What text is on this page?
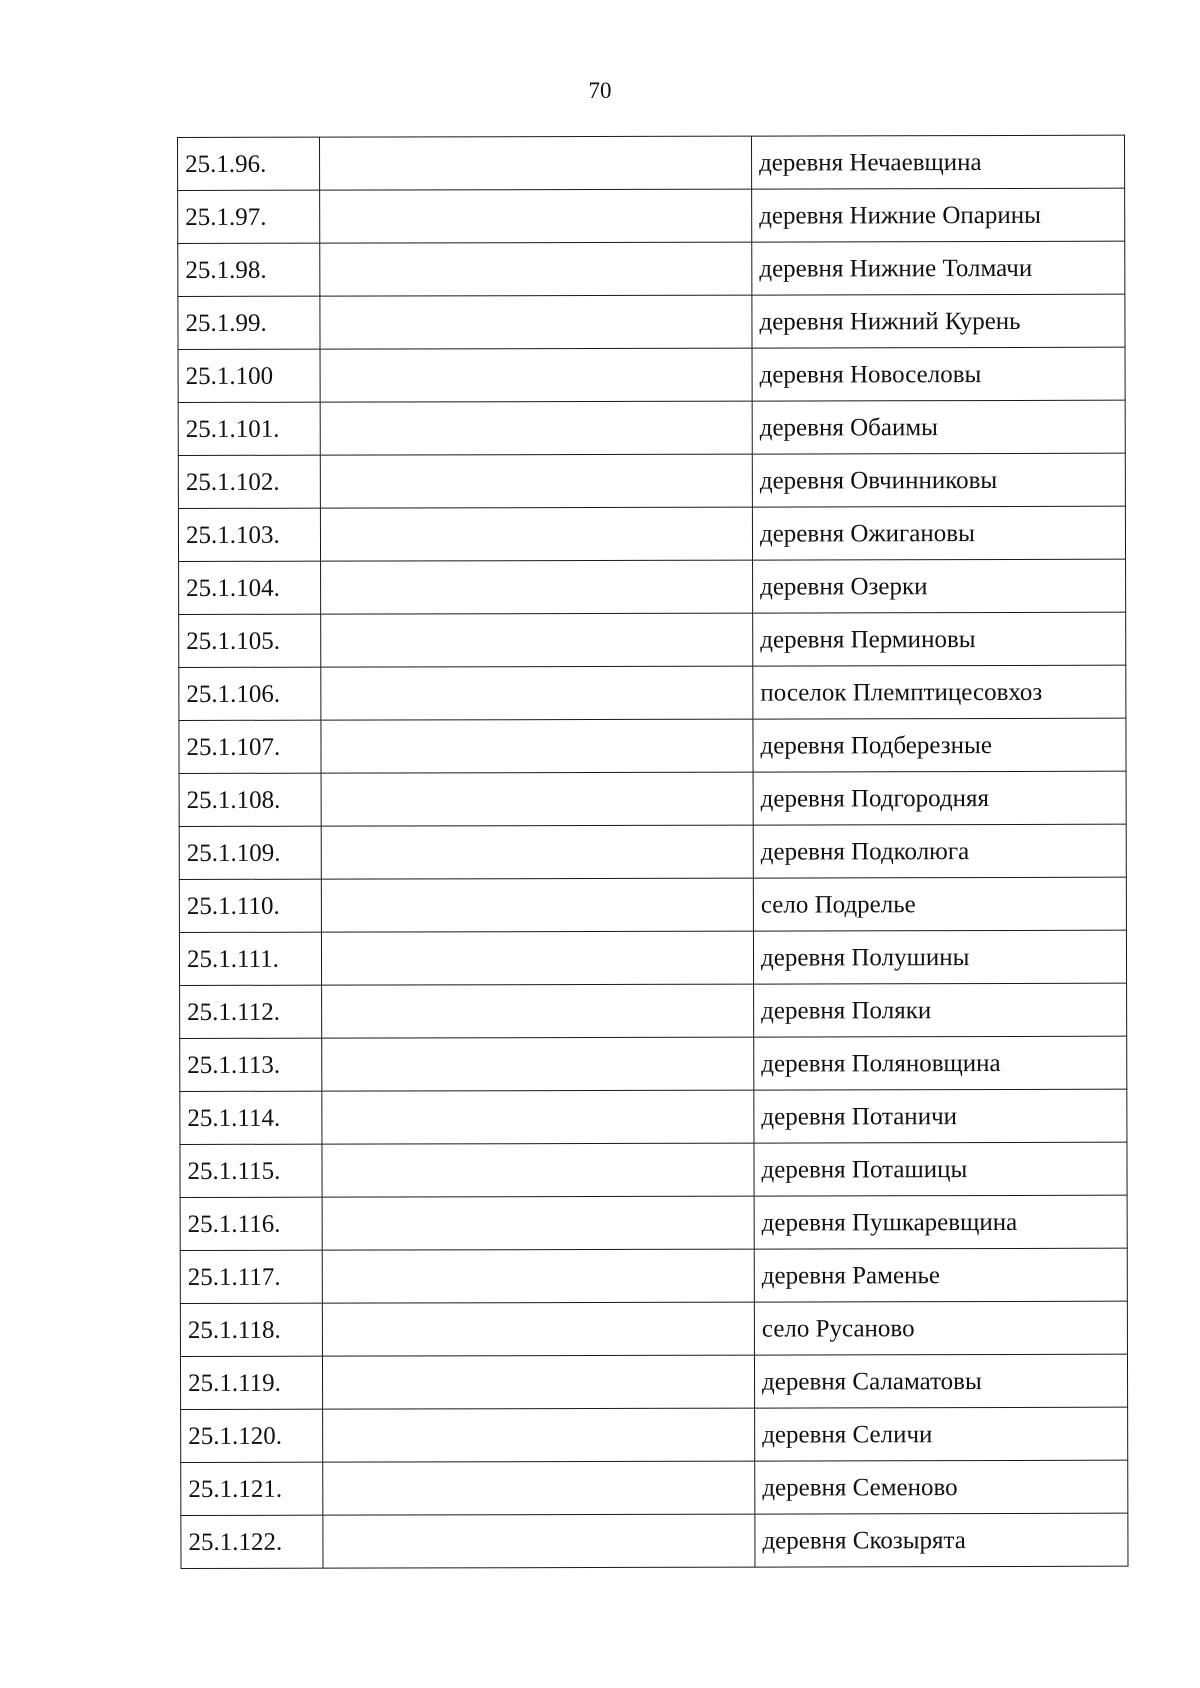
70
25.1.96.		деревня Нечаевщина
25.1.97.		деревня Нижние Опарины
25.1.98.		деревня Нижние Толмачи
25.1.99.		деревня Нижний Курень
25.1.100		деревня Новоселовы
25.1.101.		деревня Обаимы
25.1.102.		деревня Овчинниковы
25.1.103.		деревня Ожигановы
25.1.104.		деревня Озерки
25.1.105.		деревня Перминовы
25.1.106.		поселок Племптицесовхоз
25.1.107.		деревня Подберезные
25.1.108.		деревня Подгородняя
25.1.109.		деревня Подколюга
25.1.110.		село Подрелье
25.1.111.		деревня Полушины
25.1.112.		деревня Поляки
25.1.113.		деревня Поляновщина
25.1.114.		деревня Потаничи
25.1.115.		деревня Поташицы
25.1.116.		деревня Пушкаревщина
25.1.117.		деревня Раменье
25.1.118.		село Русаново
25.1.119.		деревня Саламатовы
25.1.120.		деревня Селичи
25.1.121.		деревня Семеново
25.1.122.		деревня Скозырята
